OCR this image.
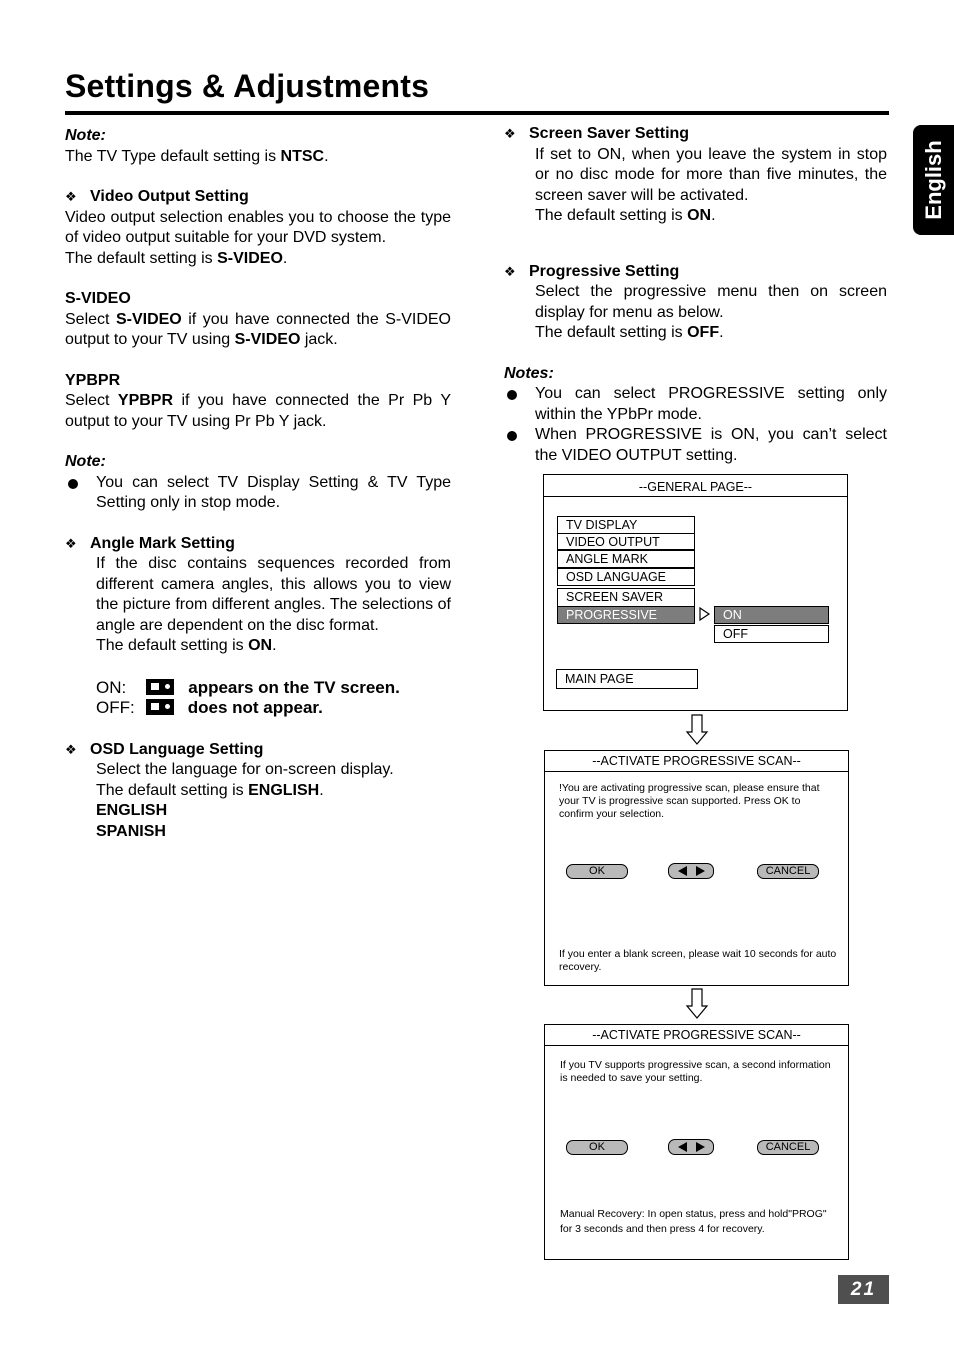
Settings & Adjustments
English

Note:

The TV Type default setting is NTSC.

❖ Video Output Setting

Video output selection enables you to choose the type of video output suitable for your DVD system.

The default setting is S-VIDEO.

S-VIDEO

Select S-VIDEO if you have connected the S-VIDEO output to your TV using S-VIDEO jack.

YPBPR

Select YPBPR if you have connected the Pr Pb Y output to your TV using Pr Pb Y jack.

Note:

You can select TV Display Setting & TV Type Setting only in stop mode.

❖ Angle Mark Setting

If the disc contains sequences recorded from different camera angles, this allows you to view the picture from different angles. The selections of angle are dependent on the disc format.

The default setting is ON.

ON:	appears on the TV screen.

OFF:	does not appear.

❖ OSD Language Setting

Select the language for on-screen display.

The default setting is ENGLISH.

ENGLISH

SPANISH

❖ Screen Saver Setting

If set to ON, when you leave the system in stop or no disc mode for more than five minutes, the screen saver will be activated.

The default setting is ON.

❖ Progressive Setting

Select the progressive menu then on screen display for menu as below.

The default setting is OFF.

Notes:

You can select PROGRESSIVE setting only within the YPbPr mode.

When PROGRESSIVE is ON, you can’t select the VIDEO OUTPUT setting.

--GENERAL PAGE--
TV DISPLAY
VIDEO OUTPUT
ANGLE MARK
OSD LANGUAGE
SCREEN SAVER
PROGRESSIVE	ON
OFF
MAIN PAGE
--ACTIVATE PROGRESSIVE SCAN--
!You are activating progressive scan, please ensure that your TV is progressive scan supported. Press OK to confirm your selection.
OK	CANCEL
If you enter a blank screen, please wait 10 seconds for auto recovery.
--ACTIVATE PROGRESSIVE SCAN--
If you TV supports progressive scan, a second information is needed to save your setting.
OK	CANCEL
Manual Recovery: In open status, press and hold"PROG" for 3 seconds and then press 4 for recovery.
21
